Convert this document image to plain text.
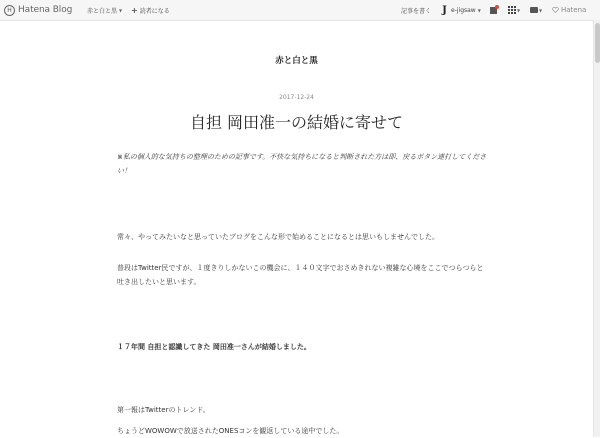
H Hatena Blog 赤と白と黒 ▼ + 読者になる	記事を書く J e-jigsaw ▼	▼	▼	Hatena
赤と白と黒
2017-12-24
自担 岡田准一の結婚に寄せて

※私の個人的な気持ちの整理のための記事です。不快な気持ちになると判断された方は即、戻るボタン連打してください！

常々、やってみたいなと思っていたブログをこんな形で始めることになるとは思いもしませんでした。

普段はTwitter民ですが、１度きりしかないこの機会に、１４０文字でおさめきれない複雑な心境をここでつらつらと吐き出したいと思います。

１７年間 自担と認識してきた 岡田准一さんが結婚しました。

第一報はTwitterのトレンド。

ちょうどWOWOWで放送されたONESコンを観返している途中でした。
